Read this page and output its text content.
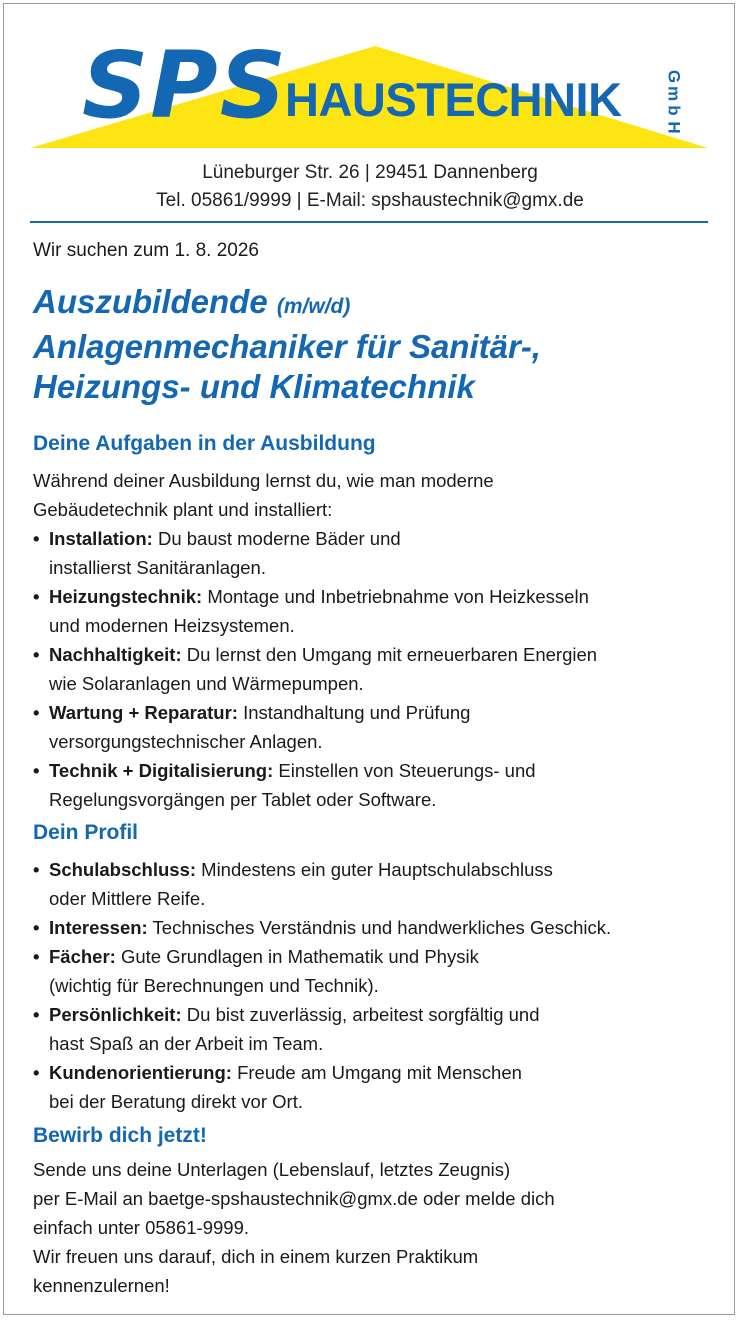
SPS
HAUSTECHNIK	G
m
b
H
Lüneburger Str. 26 | 29451 Dannenberg
Tel. 05861/9999 | E-Mail: spshaustechnik@gmx.de
Wir suchen zum 1. 8. 2026
Auszubildende (m/w/d)
Anlagenmechaniker für Sanitär-,
Heizungs- und Klimatechnik
Deine Aufgaben in der Ausbildung
Während deiner Ausbildung lernst du, wie man moderne
Gebäudetechnik plant und installiert:
• Installation: Du baust moderne Bäder und
installierst Sanitäranlagen.
• Heizungstechnik: Montage und Inbetriebnahme von Heizkesseln
und modernen Heizsystemen.
• Nachhaltigkeit: Du lernst den Umgang mit erneuerbaren Energien
wie Solaranlagen und Wärmepumpen.
• Wartung + Reparatur: Instandhaltung und Prüfung
versorgungstechnischer Anlagen.
• Technik + Digitalisierung: Einstellen von Steuerungs- und
Regelungsvorgängen per Tablet oder Software.
Dein Profil
• Schulabschluss: Mindestens ein guter Hauptschulabschluss
oder Mittlere Reife.
• Interessen: Technisches Verständnis und handwerkliches Geschick.
• Fächer: Gute Grundlagen in Mathematik und Physik
(wichtig für Berechnungen und Technik).
• Persönlichkeit: Du bist zuverlässig, arbeitest sorgfältig und
hast Spaß an der Arbeit im Team.
• Kundenorientierung: Freude am Umgang mit Menschen
bei der Beratung direkt vor Ort.
Bewirb dich jetzt!
Sende uns deine Unterlagen (Lebenslauf, letztes Zeugnis)
per E-Mail an baetge-spshaustechnik@gmx.de oder melde dich
einfach unter 05861-9999.
Wir freuen uns darauf, dich in einem kurzen Praktikum
kennenzulernen!
